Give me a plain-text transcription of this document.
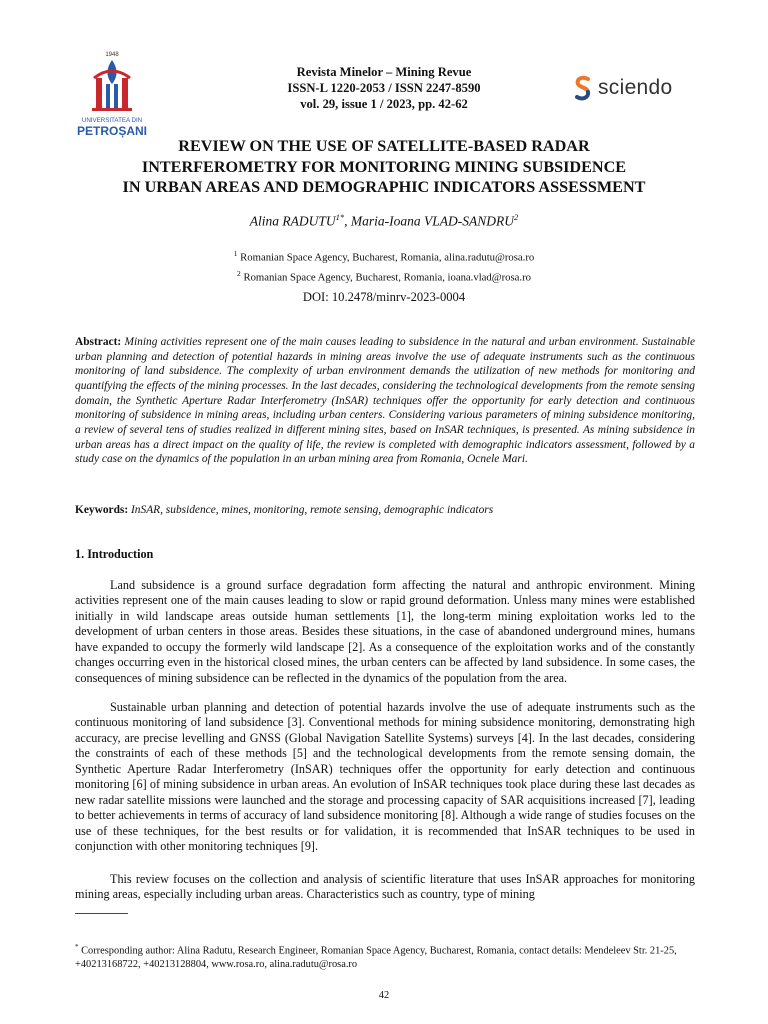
1948
UNIVERSITATEA DIN
PETROȘANI
Revista Minelor – Mining Revue
ISSN-L 1220-2053 / ISSN 2247-8590
vol. 29, issue 1 / 2023, pp. 42-62
sciendo
REVIEW ON THE USE OF SATELLITE-BASED RADAR
INTERFEROMETRY FOR MONITORING MINING SUBSIDENCE
IN URBAN AREAS AND DEMOGRAPHIC INDICATORS ASSESSMENT
Alina $RADUTU^{1*}$, Maria-Ioana VLAD-SANDRU$^2$
$^1$ Romanian Space Agency, Bucharest, Romania, alina.radutu@rosa.ro
$^2$ Romanian Space Agency, Bucharest, Romania, ioana.vlad@rosa.ro
DOI: 10.2478/minrv-2023-0004
Abstract: Mining activities represent one of the main causes leading to subsidence in the natural and urban environment. Sustainable urban planning and detection of potential hazards in mining areas involve the use of adequate instruments such as the continuous monitoring of land subsidence. The complexity of urban environment demands the utilization of new methods for monitoring and quantifying the effects of the mining processes. In the last decades, considering the technological developments from the remote sensing domain, the Synthetic Aperture Radar Interferometry (InSAR) techniques offer the opportunity for early detection and continuous monitoring of subsidence in mining areas, including urban centers. Considering various parameters of mining subsidence monitoring, a review of several tens of studies realized in different mining sites, based on InSAR techniques, is presented. As mining subsidence in urban areas has a direct impact on the quality of life, the review is completed with demographic indicators assessment, followed by a study case on the dynamics of the population in an urban mining area from Romania, Ocnele Mari.
Keywords: InSAR, subsidence, mines, monitoring, remote sensing, demographic indicators
1. Introduction

Land subsidence is a ground surface degradation form affecting the natural and anthropic environment. Mining activities represent one of the main causes leading to slow or rapid ground deformation. Unless many mines were established initially in wild landscape areas outside human settlements [1], the long-term mining exploitation works led to the development of urban centers in those areas. Besides these situations, in the case of abandoned underground mines, humans have expanded to occupy the formerly wild landscape [2]. As a consequence of the exploitation works and of the constantly changes occurring even in the historical closed mines, the urban centers can be affected by land subsidence. In some cases, the consequences of mining subsidence can be reflected in the dynamics of the population from the area.

Sustainable urban planning and detection of potential hazards involve the use of adequate instruments such as the continuous monitoring of land subsidence [3]. Conventional methods for mining subsidence monitoring, demonstrating high accuracy, are precise levelling and GNSS (Global Navigation Satellite Systems) surveys [4]. In the last decades, considering the constraints of each of these methods [5] and the technological developments from the remote sensing domain, the Synthetic Aperture Radar Interferometry (InSAR) techniques offer the opportunity for early detection and continuous monitoring [6] of mining subsidence in urban areas. An evolution of InSAR techniques took place during these last decades as new radar satellite missions were launched and the storage and processing capacity of SAR acquisitions increased [7], leading to better achievements in terms of accuracy of land subsidence monitoring [8]. Although a wide range of studies focuses on the use of these techniques, for the best results or for validation, it is recommended that InSAR techniques to be used in conjunction with other monitoring techniques [9].

This review focuses on the collection and analysis of scientific literature that uses InSAR approaches for monitoring mining areas, especially including urban areas. Characteristics such as country, type of mining

* Corresponding author: Alina Radutu, Research Engineer, Romanian Space Agency, Bucharest, Romania, contact details: Mendeleev Str. 21-25, +40213168722, +40213128804, www.rosa.ro, alina.radutu@rosa.ro
42
